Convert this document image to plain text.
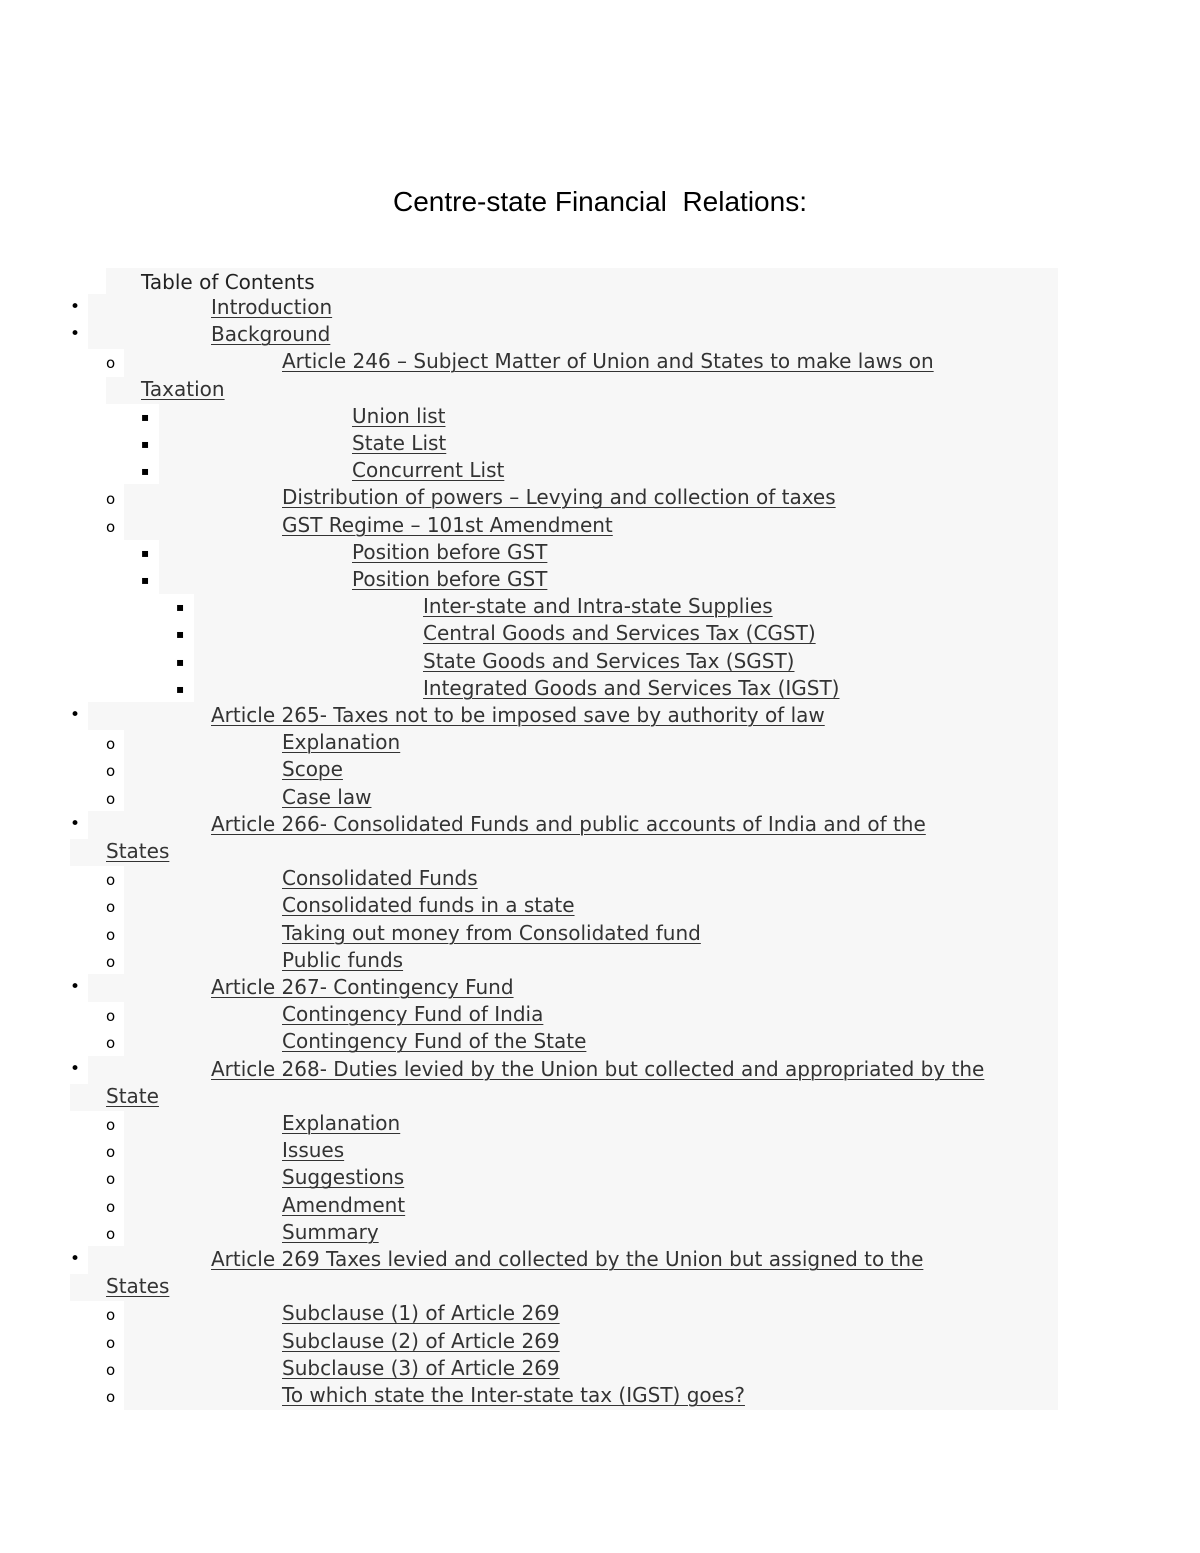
Centre-state Financial  Relations:
Table of Contents
•	Introduction
•	Background
o	Article 246 – Subject Matter of Union and States to make laws on
Taxation
▪	Union list
▪	State List
▪	Concurrent List
o	Distribution of powers – Levying and collection of taxes
o	GST Regime – 101st Amendment
▪	Position before GST
▪	Position before GST
▪	Inter-state and Intra-state Supplies
▪	Central Goods and Services Tax (CGST)
▪	State Goods and Services Tax (SGST)
▪	Integrated Goods and Services Tax (IGST)
•	Article 265- Taxes not to be imposed save by authority of law
o	Explanation
o	Scope
o	Case law
•	Article 266- Consolidated Funds and public accounts of India and of the
States
o	Consolidated Funds
o	Consolidated funds in a state
o	Taking out money from Consolidated fund
o	Public funds
•	Article 267- Contingency Fund
o	Contingency Fund of India
o	Contingency Fund of the State
•	Article 268- Duties levied by the Union but collected and appropriated by the
State
o	Explanation
o	Issues
o	Suggestions
o	Amendment
o	Summary
•	Article 269 Taxes levied and collected by the Union but assigned to the
States
o	Subclause (1) of Article 269
o	Subclause (2) of Article 269
o	Subclause (3) of Article 269
o	To which state the Inter-state tax (IGST) goes?
